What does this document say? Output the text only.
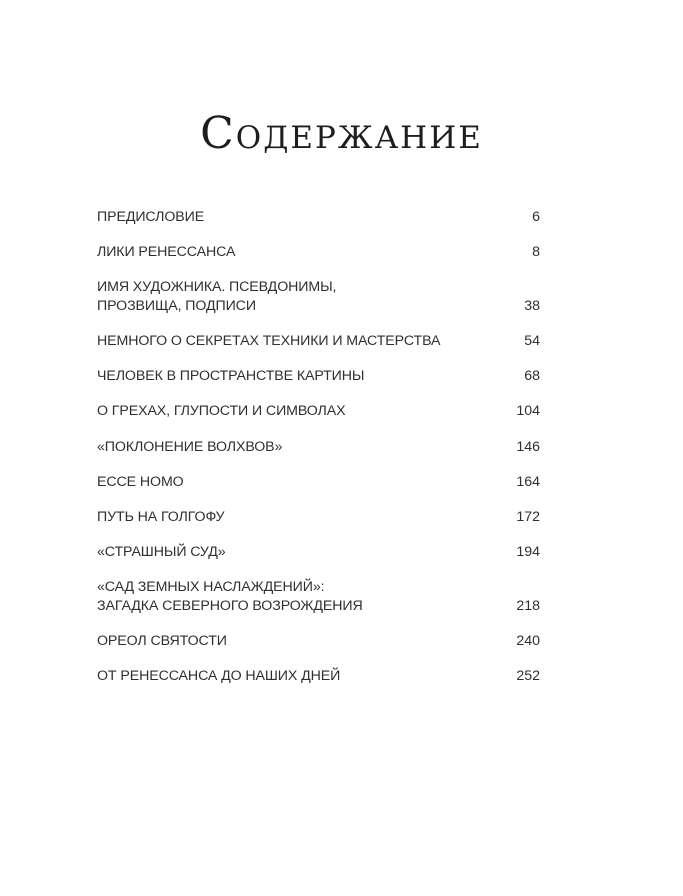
Содержание
ПРЕДИСЛОВИЕ	6
ЛИКИ РЕНЕССАНСА	8
ИМЯ ХУДОЖНИКА. ПСЕВДОНИМЫ,
ПРОЗВИЩА, ПОДПИСИ	38
НЕМНОГО О СЕКРЕТАХ ТЕХНИКИ И МАСТЕРСТВА	54
ЧЕЛОВЕК В ПРОСТРАНСТВЕ КАРТИНЫ	68
О ГРЕХАХ, ГЛУПОСТИ И СИМВОЛАХ	104
«ПОКЛОНЕНИЕ ВОЛХВОВ»	146
ECCE HOMO	164
ПУТЬ НА ГОЛГОФУ	172
«СТРАШНЫЙ СУД»	194
«САД ЗЕМНЫХ НАСЛАЖДЕНИЙ»:
ЗАГАДКА СЕВЕРНОГО ВОЗРОЖДЕНИЯ	218
ОРЕОЛ СВЯТОСТИ	240
ОТ РЕНЕССАНСА ДО НАШИХ ДНЕЙ	252
